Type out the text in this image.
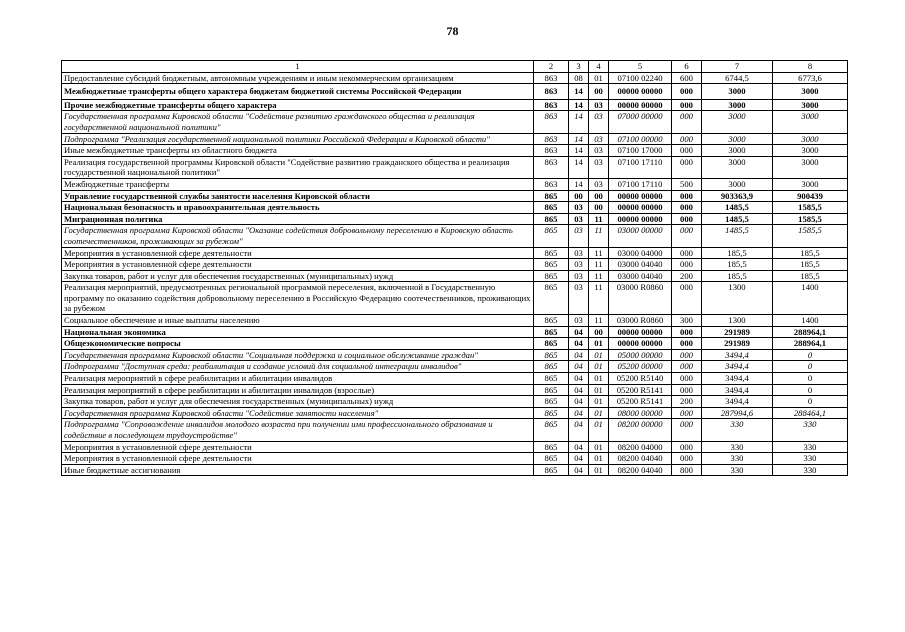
78
1	2	3	4	5	6	7	8
Предоставление субсидий бюджетным, автономным учреждениям и иным некоммерческим организациям	863	08	01	07100 02240	600	6744,5	6773,6
Межбюджетные трансферты общего характера бюджетам бюджетной системы Российской Федерации	863	14	00	00000 00000	000	3000	3000
Прочие межбюджетные трансферты общего характера	863	14	03	00000 00000	000	3000	3000
Государственная программа Кировской области "Содействие развитию гражданского общества и реализация государственной национальной политики"	863	14	03	07000 00000	000	3000	3000
Подпрограмма "Реализация государственной национальной политики Российской Федерации в Кировской области"	863	14	03	07100 00000	000	3000	3000
Иные межбюджетные трансферты из областного бюджета	863	14	03	07100 17000	000	3000	3000
Реализация государственной программы Кировской области "Содействие развитию гражданского общества и реализация государственной национальной политики"	863	14	03	07100 17110	000	3000	3000
Межбюджетные трансферты	863	14	03	07100 17110	500	3000	3000
Управление государственной службы занятости населения Кировской области	865	00	00	00000 00000	000	903363,9	900439
Национальная безопасность и правоохранительная деятельность	865	03	00	00000 00000	000	1485,5	1585,5
Миграционная политика	865	03	11	00000 00000	000	1485,5	1585,5
Государственная программа Кировской области "Оказание содействия добровольному переселению в Кировскую область соотечественников, проживающих за рубежом"	865	03	11	03000 00000	000	1485,5	1585,5
Мероприятия в установленной сфере деятельности	865	03	11	03000 04000	000	185,5	185,5
Мероприятия в установленной сфере деятельности	865	03	11	03000 04040	000	185,5	185,5
Закупка товаров, работ и услуг для обеспечения государственных (муниципальных) нужд	865	03	11	03000 04040	200	185,5	185,5
Реализация мероприятий, предусмотренных региональной программой переселения, включенной в Государственную программу по оказанию содействия добровольному переселению в Российскую Федерацию соотечественников, проживающих за рубежом	865	03	11	03000 R0860	000	1300	1400
Социальное обеспечение и иные выплаты населению	865	03	11	03000 R0860	300	1300	1400
Национальная экономика	865	04	00	00000 00000	000	291989	288964,1
Общеэкономические вопросы	865	04	01	00000 00000	000	291989	288964,1
Государственная программа Кировской области "Социальная поддержка и социальное обслуживание граждан"	865	04	01	05000 00000	000	3494,4	0
Подпрограмма "Доступная среда: реабилитация и создание условий для социальной интеграции инвалидов"	865	04	01	05200 00000	000	3494,4	0
Реализация мероприятий в сфере реабилитации и абилитации инвалидов	865	04	01	05200 R5140	000	3494,4	0
Реализация мероприятий в сфере реабилитации и абилитации инвалидов (взрослые)	865	04	01	05200 R5141	000	3494,4	0
Закупка товаров, работ и услуг для обеспечения государственных (муниципальных) нужд	865	04	01	05200 R5141	200	3494,4	0
Государственная программа Кировской области "Содействие занятости населения"	865	04	01	08000 00000	000	287994,6	288464,1
Подпрограмма "Сопровождение инвалидов молодого возраста при получении ими профессионального образования и содействие в последующем трудоустройстве"	865	04	01	08200 00000	000	330	330
Мероприятия в установленной сфере деятельности	865	04	01	08200 04000	000	330	330
Мероприятия в установленной сфере деятельности	865	04	01	08200 04040	000	330	330
Иные бюджетные ассигнования	865	04	01	08200 04040	800	330	330
